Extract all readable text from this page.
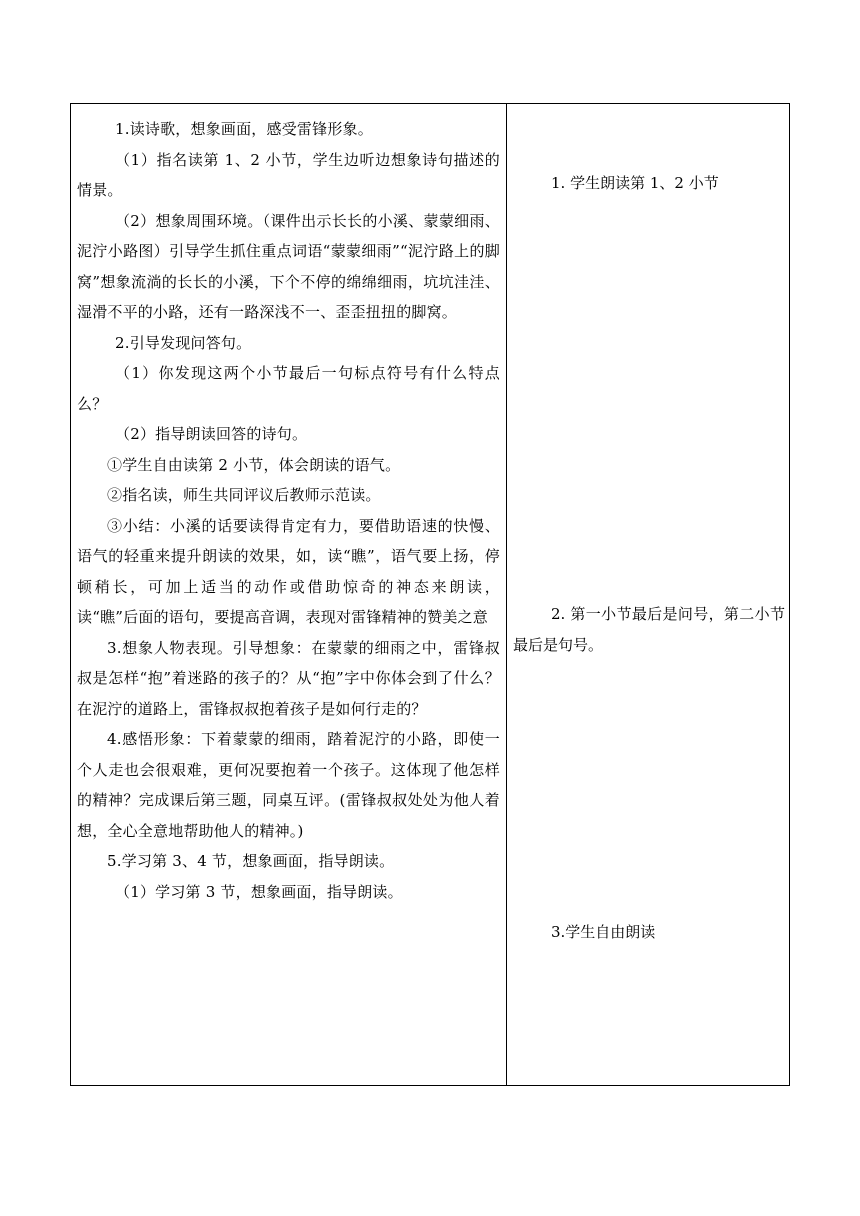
1.读诗歌，想象画面，感受雷锋形象。

（1）指名读第 1、2 小节，学生边听边想象诗句描述的情景。

（2）想象周围环境。（课件出示长长的小溪、蒙蒙细雨、泥泞小路图）引导学生抓住重点词语“蒙蒙细雨”“泥泞路上的脚窝”想象流淌的长长的小溪，下个不停的绵绵细雨，坑坑洼洼、湿滑不平的小路，还有一路深浅不一、歪歪扭扭的脚窝。

2.引导发现问答句。

（1）你发现这两个小节最后一句标点符号有什么特点么？

（2）指导朗读回答的诗句。

①学生自由读第 2 小节，体会朗读的语气。

②指名读，师生共同评议后教师示范读。

③小结：小溪的话要读得肯定有力，要借助语速的快慢、语气的轻重来提升朗读的效果，如，读“瞧”，语气要上扬，停顿稍长，可加上适当的动作或借助惊奇的神态来朗读，读“瞧”后面的语句，要提高音调，表现对雷锋精神的赞美之意

3.想象人物表现。引导想象：在蒙蒙的细雨之中，雷锋叔叔是怎样“抱”着迷路的孩子的？从“抱”字中你体会到了什么？在泥泞的道路上，雷锋叔叔抱着孩子是如何行走的？

4.感悟形象：下着蒙蒙的细雨，踏着泥泞的小路，即使一个人走也会很艰难，更何况要抱着一个孩子。这体现了他怎样的精神？完成课后第三题，同桌互评。(雷锋叔叔处处为他人着想，全心全意地帮助他人的精神。)

5.学习第 3、4 节，想象画面，指导朗读。

（1）学习第 3 节，想象画面，指导朗读。

1. 学生朗读第 1、2 小节

2. 第一小节最后是问号，第二小节最后是句号。

3.学生自由朗读
